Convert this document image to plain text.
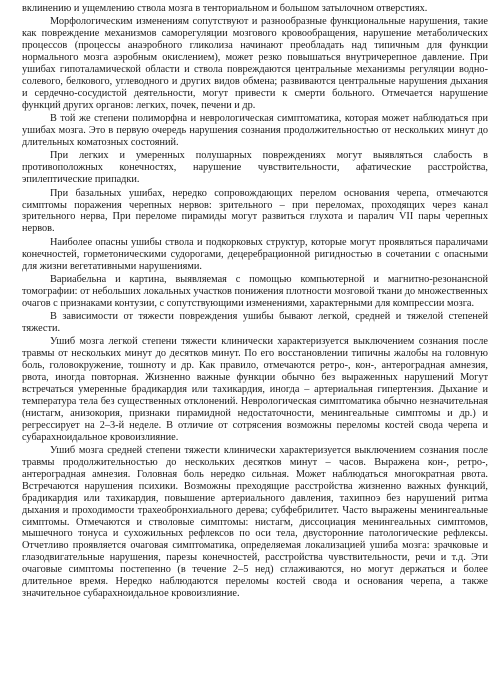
вклинению и ущемлению ствола мозга в тенториальном и большом затылочном отверстиях.

Морфологическим изменениям сопутствуют и разнообразные функциональные нарушения, такие как повреждение механизмов саморегуляции мозгового кровообращения, нарушение метаболических процессов (процессы анаэробного гликолиза начинают преобладать над типичным для функции нормального мозга аэробным окислением), может резко повышаться внутричерепное давление. При ушибах гипоталамической области и ствола повреждаются центральные механизмы регуляции водно-солевого, белкового, углеводного и других видов обмена; развиваются центральные нарушения дыхания и сердечно-сосудистой деятельности, могут привести к смерти больного. Отмечается нарушение функций других органов: легких, почек, печени и др.

В той же степени полиморфна и неврологическая симптоматика, которая может наблюдаться при ушибах мозга. Это в первую очередь нарушения сознания продолжительностью от нескольких минут до длительных коматозных состояний.

При легких и умеренных полушарных повреждениях могут выявляться слабость в противоположных конечностях, нарушение чувствительности, афатические расстройства, эпилептические припадки.

При базальных ушибах, нередко сопровождающих перелом основания черепа, отмечаются симптомы поражения черепных нервов: зрительного – при переломах, проходящих через канал зрительного нерва, При переломе пирамиды могут развиться глухота и паралич VII пары черепных нервов.

Наиболее опасны ушибы ствола и подкорковых структур, которые могут проявляться параличами конечностей, горметоническими судорогами, децеребрационной ригидностью в сочетании с опасными для жизни вегетативными нарушениями.

Вариабельна и картина, выявляемая с помощью компьютерной и магнитно-резонансной томографии: от небольших локальных участков понижения плотности мозговой ткани до множественных очагов с признаками контузии, с сопутствующими изменениями, характерными для компрессии мозга.

В зависимости от тяжести повреждения ушибы бывают легкой, средней и тяжелой степеней тяжести.

Ушиб мозга легкой степени тяжести клинически характеризуется выключением сознания после травмы от нескольких минут до десятков минут. По его восстановлении типичны жалобы на головную боль, головокружение, тошноту и др. Как правило, отмечаются ретро-, кон-, антероградная амнезия, рвота, иногда повторная. Жизненно важные функции обычно без выраженных нарушений Могут встречаться умеренные брадикардия или тахикардия, иногда – артериальная гипертензия. Дыхание и температура тела без существенных отклонений. Неврологическая симптоматика обычно незначительная (нистагм, анизокория, признаки пирамидной недостаточности, менингеальные симптомы и др.) и регрессирует на 2–3-й неделе. В отличие от сотрясения возможны переломы костей свода черепа и субарахноидальное кровоизлияние.

Ушиб мозга средней степени тяжести клинически характеризуется выключением сознания после травмы продолжительностью до нескольких десятков минут – часов. Выражена кон-, ретро-, антероградная амнезия. Головная боль нередко сильная. Может наблюдаться многократная рвота. Встречаются нарушения психики. Возможны преходящие расстройства жизненно важных функций, брадикардия или тахикардия, повышение артериального давления, тахипноэ без нарушений ритма дыхания и проходимости трахеобронхиального дерева; субфебрилитет. Часто выражены менингеальные симптомы. Отмечаются и стволовые симптомы: нистагм, диссоциация менингеальных симптомов, мышечного тонуса и сухожильных рефлексов по оси тела, двусторонние патологические рефлексы. Отчетливо проявляется очаговая симптоматика, определяемая локализацией ушиба мозга: зрачковые и глазодвигательные нарушения, парезы конечностей, расстройства чувствительности, речи и т.д. Эти очаговые симптомы постепенно (в течение 2–5 нед) сглаживаются, но могут держаться и более длительное время. Нередко наблюдаются переломы костей свода и основания черепа, а также значительное субарахноидальное кровоизлияние.
